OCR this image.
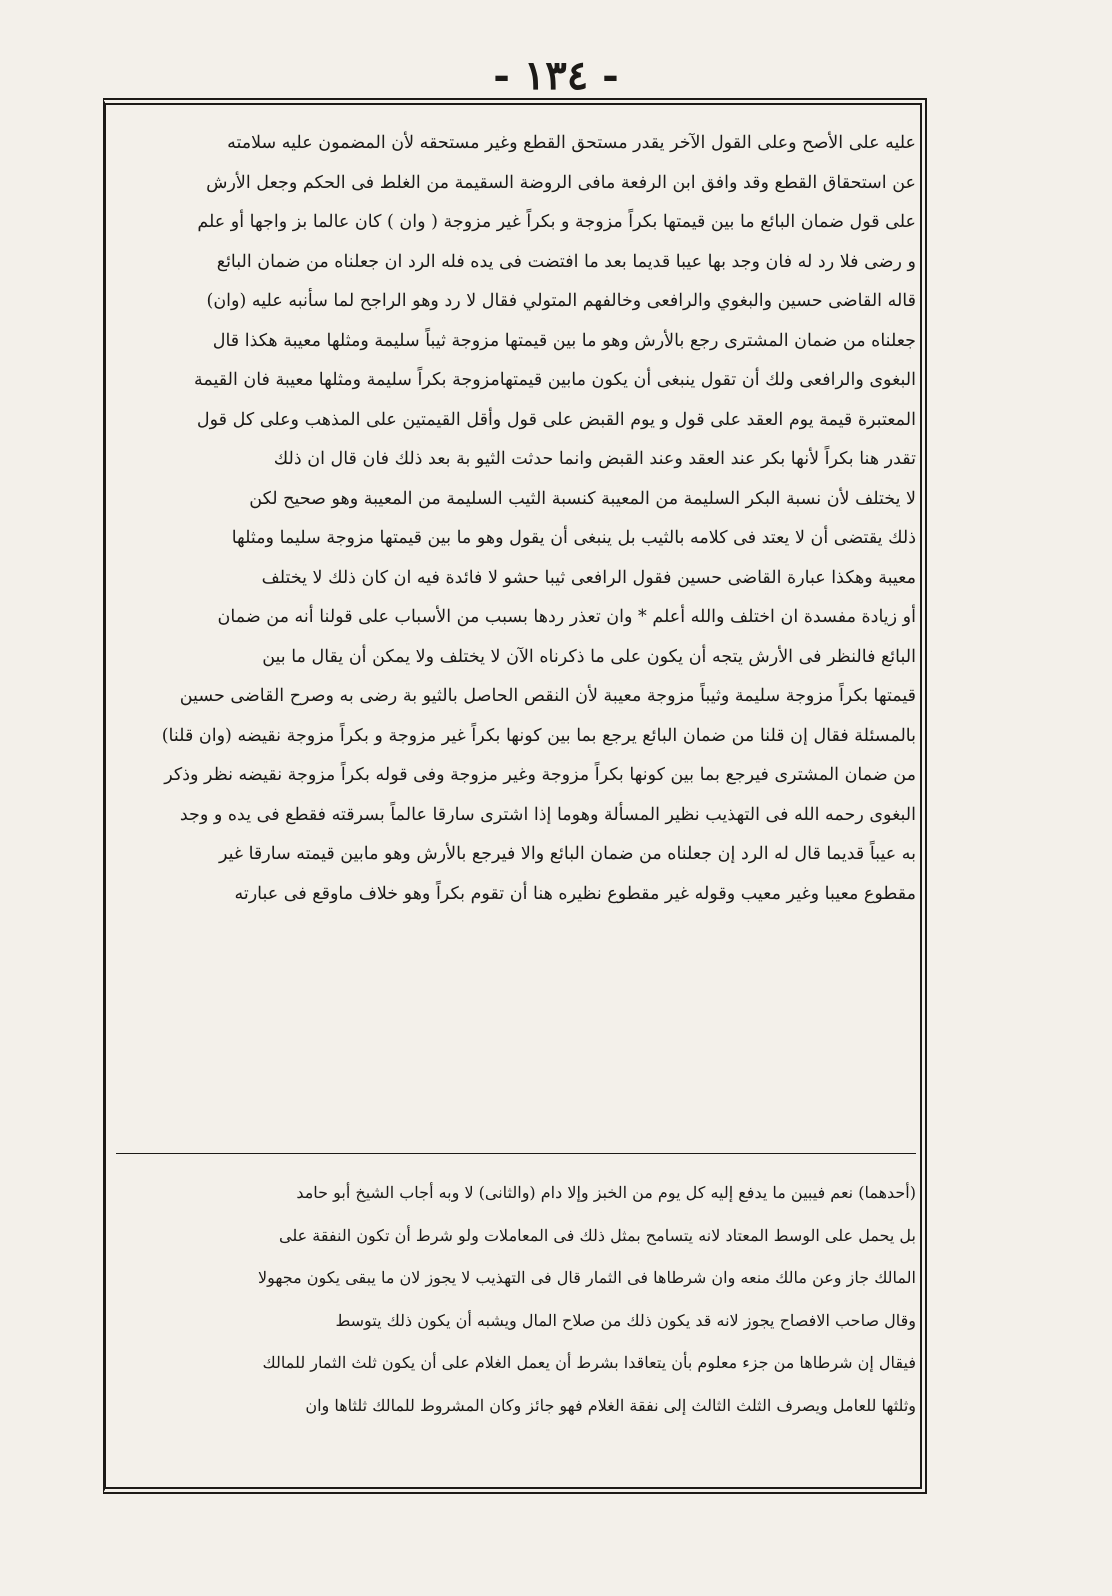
- ١٣٤ -
عليه على الأصح وعلى القول الآخر يقدر مستحق القطع وغير مستحقه لأن المضمون عليه سلامته
عن استحقاق القطع وقد وافق ابن الرفعة مافى الروضة السقيمة من الغلط فى الحكم وجعل الأرش
على قول ضمان البائع ما بين قيمتها بكراً مزوجة و بكراً غير مزوجة ( وان ) كان عالما بز واجها أو علم
و رضى فلا رد له فان وجد بها عيبا قديما بعد ما افتضت فى يده فله الرد ان جعلناه من ضمان البائع
قاله القاضى حسين والبغوي والرافعى وخالفهم المتولي فقال لا رد وهو الراجح لما سأنبه عليه (وان)
جعلناه من ضمان المشترى رجع بالأرش وهو ما بين قيمتها مزوجة ثيباً سليمة ومثلها معيبة هكذا قال
البغوى والرافعى ولك أن تقول ينبغى أن يكون مابين قيمتهامزوجة بكراً سليمة ومثلها معيبة فان القيمة
المعتبرة قيمة يوم العقد على قول و يوم القبض على قول وأقل القيمتين على المذهب وعلى كل قول
تقدر هنا بكراً لأنها بكر عند العقد وعند القبض وانما حدثت الثيو بة بعد ذلك فان قال ان ذلك
لا يختلف لأن نسبة البكر السليمة من المعيبة كنسبة الثيب السليمة من المعيبة وهو صحيح لكن
ذلك يقتضى أن لا يعتد فى كلامه بالثيب بل ينبغى أن يقول وهو ما بين قيمتها مزوجة سليما ومثلها
معيبة وهكذا عبارة القاضى حسين فقول الرافعى ثيبا حشو لا فائدة فيه ان كان ذلك لا يختلف
أو زيادة مفسدة ان اختلف والله أعلم * وان تعذر ردها بسبب من الأسباب على قولنا أنه من ضمان
البائع فالنظر فى الأرش يتجه أن يكون على ما ذكرناه الآن لا يختلف ولا يمكن أن يقال ما بين
قيمتها بكراً مزوجة سليمة وثيباً مزوجة معيبة لأن النقص الحاصل بالثيو بة رضى به وصرح القاضى حسين
بالمسئلة فقال إن قلنا من ضمان البائع يرجع بما بين كونها بكراً غير مزوجة و بكراً مزوجة نقيضه (وان قلنا)
من ضمان المشترى فيرجع بما بين كونها بكراً مزوجة وغير مزوجة وفى قوله بكراً مزوجة نقيضه نظر وذكر
البغوى رحمه الله فى التهذيب نظير المسألة وهوما إذا اشترى سارقا عالماً بسرقته فقطع فى يده و وجد
به عيباً قديما قال له الرد إن جعلناه من ضمان البائع والا فيرجع بالأرش وهو مابين قيمته سارقا غير
مقطوع معيبا وغير معيب وقوله غير مقطوع نظيره هنا أن تقوم بكراً وهو خلاف ماوقع فى عبارته
(أحدهما) نعم فيبين ما يدفع إليه كل يوم من الخبز وإلا دام (والثانى) لا وبه أجاب الشيخ أبو حامد
بل يحمل على الوسط المعتاد لانه يتسامح بمثل ذلك فى المعاملات ولو شرط أن تكون النفقة على
المالك جاز وعن مالك منعه وان شرطاها فى الثمار قال فى التهذيب لا يجوز لان ما يبقى يكون مجهولا
وقال صاحب الافصاح يجوز لانه قد يكون ذلك من صلاح المال ويشبه أن يكون ذلك يتوسط
فيقال إن شرطاها من جزء معلوم بأن يتعاقدا بشرط أن يعمل الغلام على أن يكون ثلث الثمار للمالك
وثلثها للعامل ويصرف الثلث الثالث إلى نفقة الغلام فهو جائز وكان المشروط للمالك ثلثاها وان
